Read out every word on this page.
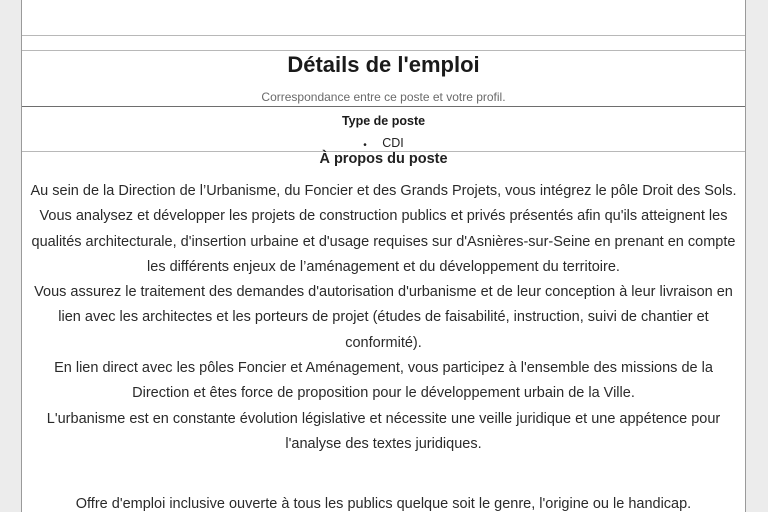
Détails de l'emploi
Correspondance entre ce poste et votre profil.
Type de poste
• CDI
À propos du poste
Au sein de la Direction de l’Urbanisme, du Foncier et des Grands Projets, vous intégrez le pôle Droit des Sols.
Vous analysez et développer les projets de construction publics et privés présentés afin qu'ils atteignent les
qualités architecturale, d'insertion urbaine et d'usage requises sur d'Asnières-sur-Seine en prenant en compte
les différents enjeux de l’aménagement et du développement du territoire.
Vous assurez le traitement des demandes d'autorisation d'urbanisme et de leur conception à leur livraison en
lien avec les architectes et les porteurs de projet (études de faisabilité, instruction, suivi de chantier et
conformité).
En lien direct avec les pôles Foncier et Aménagement, vous participez à l'ensemble des missions de la
Direction et êtes force de proposition pour le développement urbain de la Ville.
L'urbanisme est en constante évolution législative et nécessite une veille juridique et une appétence pour
l'analyse des textes juridiques.
Offre d'emploi inclusive ouverte à tous les publics quelque soit le genre, l'origine ou le handicap.
